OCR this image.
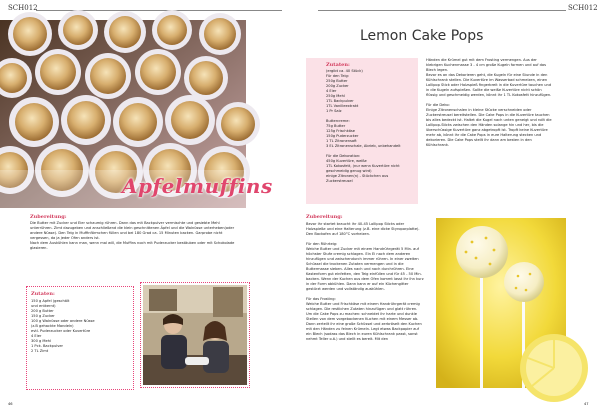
SCH012
Apfelmuffins
Zubereitung:
Die Butter mit Zucker und Eier schaumig rühren. Dann das mit Backpulver vermischte und gesiebte Mehl unterrühren. Zimt dazugeben und anschließend die klein geschnittenen Äpfel und die Walnüsse unterheben(oder andere Nüsse). Den Teig in Muffinförmchen füllen und bei 180 Grad ca. 15 Minuten backen. Garprobe nicht vergessen, da ja jeder Ofen anders ist.
Nach dem Auskühlen kann man, wenn mal will, die Muffins noch mit Puderzucker bestäuben oder mit Schokolade glasieren.
Zutaten:
150 g Apfel (geschält
und entkernt)
200 g Butter
150 g Zucker
100 g Walnüsse oder andere Nüsse
(z.B gehackte Mandeln)
evtl. Puderzucker oder Kuvertüre
4 Eier
300 g Mehl
1 Pck. Backpulver
2 TL Zimt
46
SCH012
Lemon Cake Pops
Zutaten:
(ergibt ca. 40 Stück)
Für den Teig:
250g Butter
200g Zucker
4 Eier
250g Mehl
1TL Backpulver
1TL Vanilleextrakt
1 Pr Salz

Buttercreme:
75g Butter
125g Frischkäse
150g Puderzucker
1 TL Zitronensaft
3 EL Zitronenschale, Abrieb, unbehandelt

Für die Dekoration:
450g Kuvertüre, weiße
1TL Kokosfett, (nur wenn Kuvertüre nicht
geschmeidig genug wird)
einige Zitronen(n) - Stückchen aus Zuckerstreusel
Zubereitung:
Bevor ihr startet braucht ihr 40-45 Lollipop Sticks oder Holzspieße und eine Halterung (z.B. eine dicke Styroporplatte). Den Backofen auf 180°C vorheizen.

Für den Rührteig:
Weiche Butter und Zucker mit einem Handrührgerät 5 Min. auf höchster Stufe cremig schlagen. Ein Ei nach dem anderen hinzufügen und zwischendurch immer rühren. In einer zweiten Schüssel die trockenen Zutaten vermengen und in die Buttermasse sieben. Alles nach und nach durchrühren. Eine Kastenform gut einfetten, den Teig einfüllen und für 45 - 50 Min. backen. Wenn der Kuchen aus dem Ofen kommt lasst ihr ihn kurz in der Form abkühlen. Dann kann er auf ein Küchengitter gestürzt werden und vollständig auskühlen.

Für das Frosting:
Weiche Butter und Frischkäse mit einem Handrührgerät cremig schlagen. Die restlichen Zutaten hinzufügen und glatt rühren. Um die Cake Pops zu machen: schneidet ihr harte und dunkle Stellen von dem vorgebackenen Kuchen mit einem Messer ab. Dann zerteilt ihr eine große Schüssel und zerbröselt den Kuchen mit den Händen zu feinen Krümeln. Legt etwas Backpapier auf ein Blech (sodass das Blech in euren Kühlschrank passt, sonst nehmt Teller o.ä.) und stellt es bereit. Mit den
Händen die Krümel gut mit dem Frosting vermengen. Aus der klebrigen Kuchenmasse 3 - 4 cm große Kugeln formen und auf das Blech legen.
Bevor es an das Dekorieren geht, die Kugeln für eine Stunde in den Kühlschrank stellen. Die Kuvertüre im Wasserbad schmelzen, einen Lollipop Stick oder Holzspieß fingerbreit in die Kuvertüre tauchen und in die Kugeln aufspießen. Sollte die weiße Kuvertüre nicht schön flüssig und geschmeidig werden, könnt ihr 1 TL Kokosfett hinzufügen.

Für die Deko:
Einige Zitronenschalen in kleine Stücke verschneiden oder Zuckerstreusel bereitstellen. Die Cake Pops in die Kuvertüre tauchen bis alles bedeckt ist. Haltet die Kugel nach unten geneigt und rollt die Lollipop-Sticks zwischen den Händen solange hin und her, bis die überschüssige Kuvertüre ganz abgetropft ist. Tropft keine Kuvertüre mehr ab, könnt ihr die Cake Pops in eure Halterung stecken und dekorieren. Die Cake Pops stellt ihr dann am besten in den Kühlschrank.
47
